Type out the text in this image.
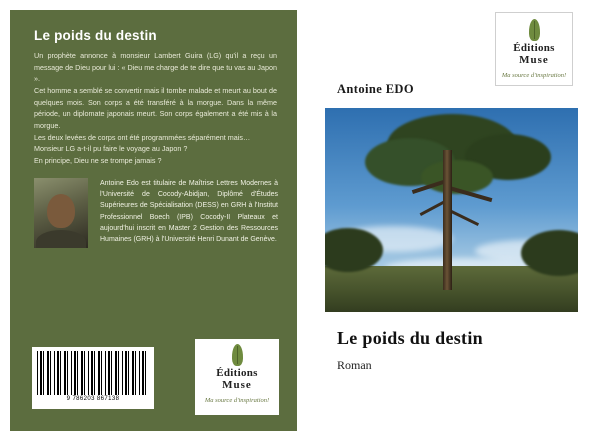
Le poids du destin

Un prophète annonce à monsieur Lambert Guira (LG) qu'il a reçu un message de Dieu pour lui : « Dieu me charge de te dire que tu vas au Japon ».

Cet homme a semblé se convertir mais il tombe malade et meurt au bout de quelques mois. Son corps a été transféré à la morgue. Dans la même période, un diplomate japonais meurt. Son corps également a été mis à la morgue.

Les deux levées de corps ont été programmées séparément mais…

Monsieur LG a-t-il pu faire le voyage au Japon ?

En principe, Dieu ne se trompe jamais ?

Antoine Edo est titulaire de Maîtrise Lettres Modernes à l'Université de Cocody-Abidjan, Diplômé d'Études Supérieures de Spécialisation (DESS) en GRH à l'Institut Professionnel Boech (IPB) Cocody-II Plateaux et aujourd'hui inscrit en Master 2 Gestion des Ressources Humaines (GRH) à l'Université Henri Dunant de Genève.
9 786203 867138
Éditions
Muse
Ma source d'inspiration!
Éditions
Muse
Ma source d'inspiration!
Antoine EDO
Le poids du destin
Roman
